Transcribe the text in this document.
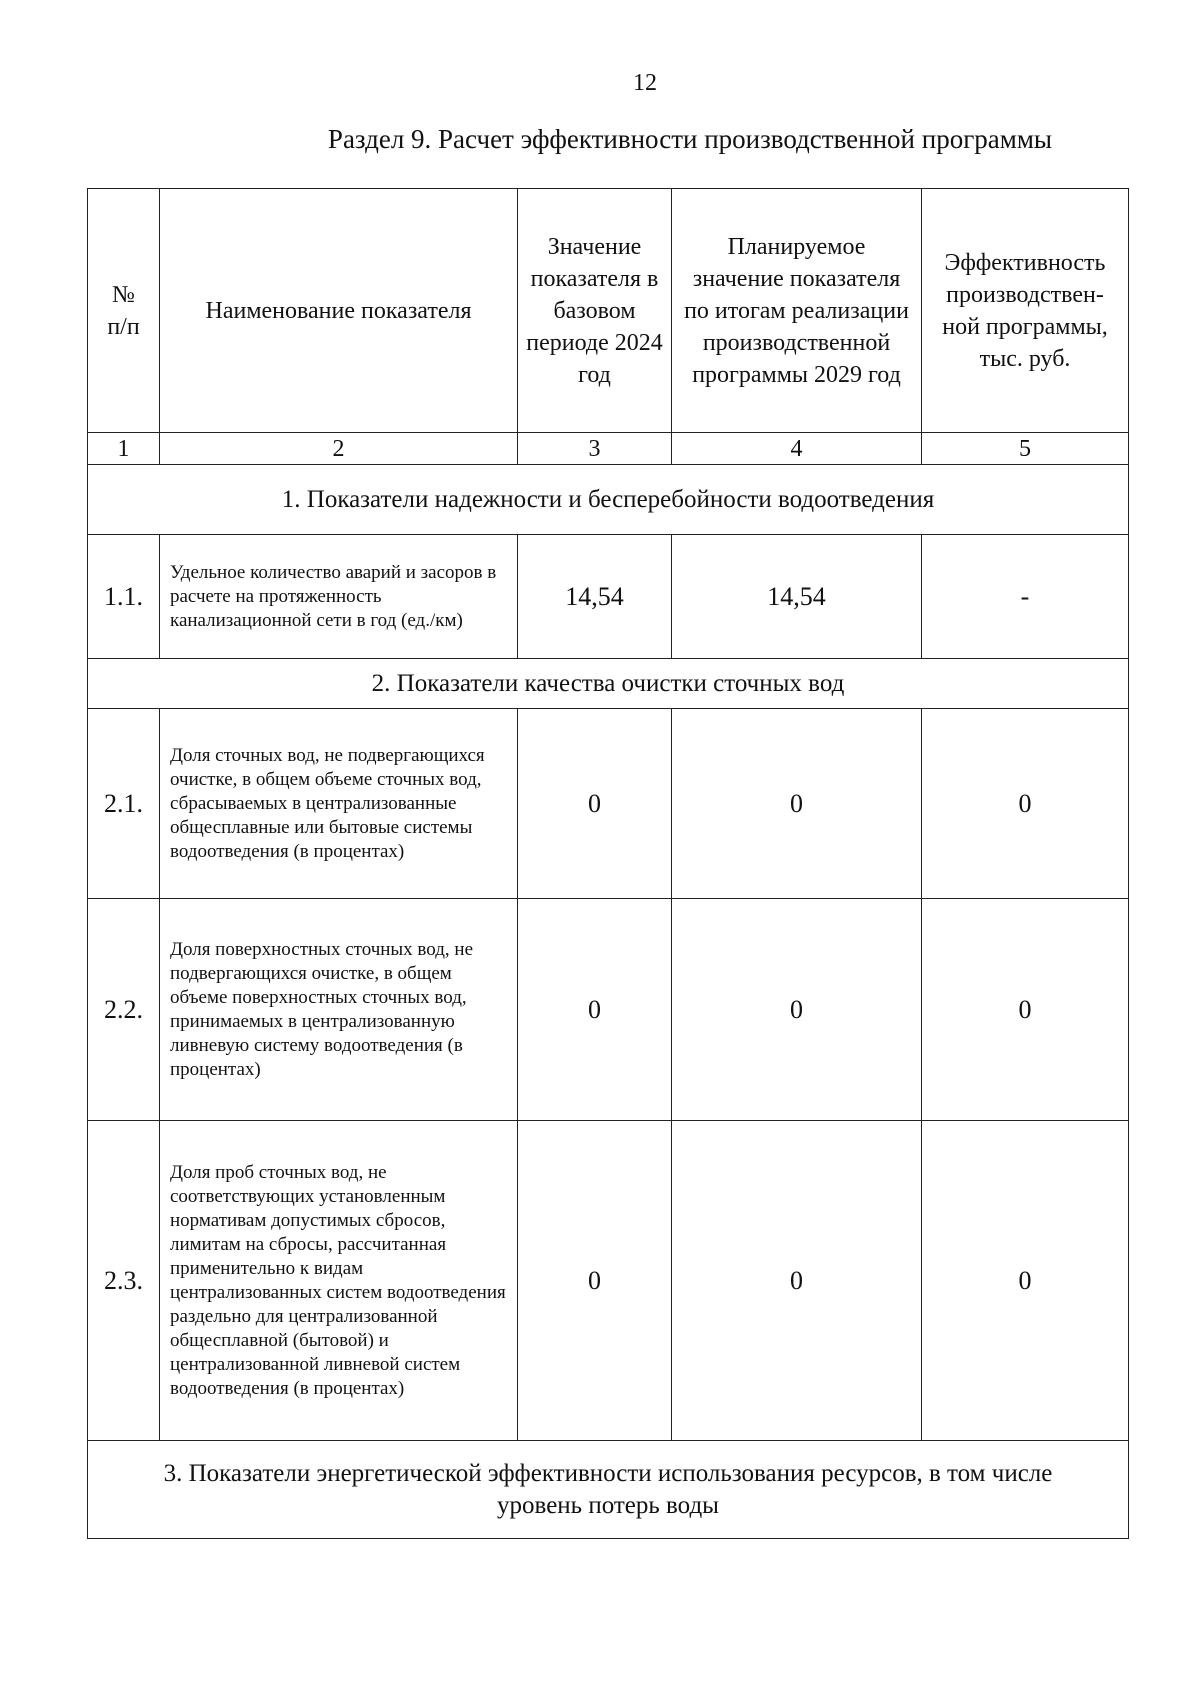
12
Раздел 9. Расчет эффективности производственной программы
№ п/п	Наименование показателя	Значение показателя в базовом периоде 2024 год	Планируемое значение показателя по итогам реализации производственной программы 2029 год	Эффективность производствен-ной программы, тыс. руб.
1	2	3	4	5
1. Показатели надежности и бесперебойности водоотведения				
1.1.	Удельное количество аварий и засоров в расчете на протяженность канализационной сети в год (ед./км)	14,54	14,54	-
2. Показатели качества очистки сточных вод				
2.1.	Доля сточных вод, не подвергающихся очистке, в общем объеме сточных вод, сбрасываемых в централизованные общесплавные или бытовые системы водоотведения (в процентах)	0	0	0
2.2.	Доля поверхностных сточных вод, не подвергающихся очистке, в общем объеме поверхностных сточных вод, принимаемых в централизованную ливневую систему водоотведения (в процентах)	0	0	0
2.3.	Доля проб сточных вод, не соответствующих установленным нормативам допустимых сбросов, лимитам на сбросы, рассчитанная применительно к видам централизованных систем водоотведения раздельно для централизованной общесплавной (бытовой) и централизованной ливневой систем водоотведения (в процентах)	0	0	0
3. Показатели энергетической эффективности использования ресурсов, в том числе уровень потерь воды				
